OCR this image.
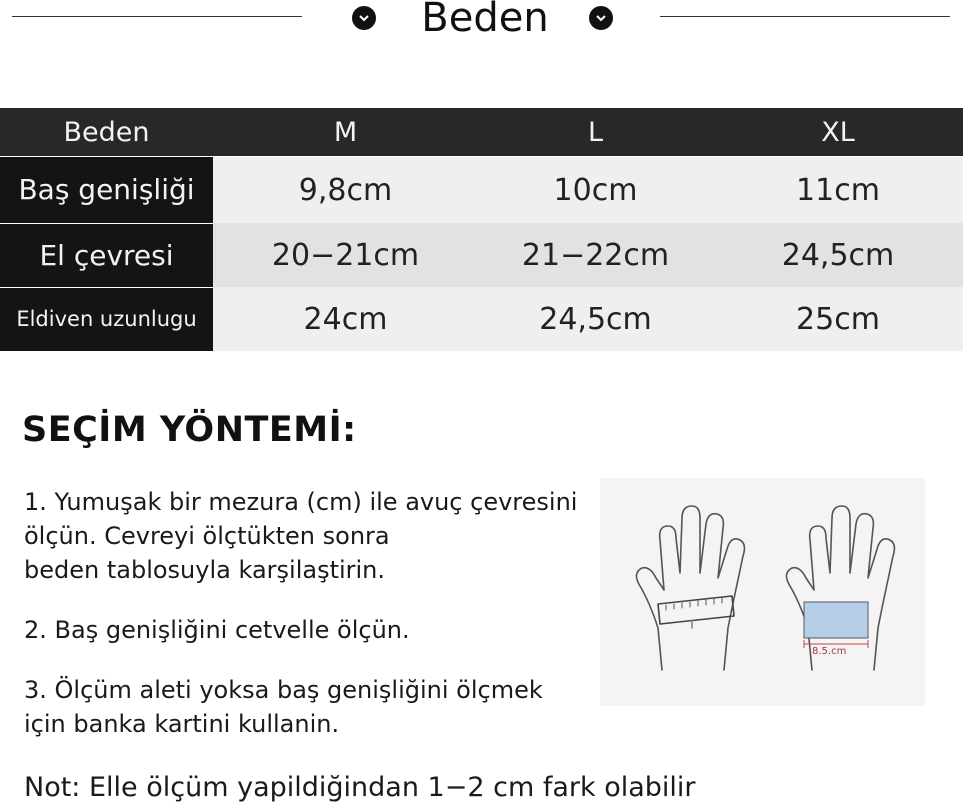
Beden
Beden	M	L	XL
Baş genişliği	9,8cm	10cm	11cm
El çevresi	20−21cm	21−22cm	24,5cm
Eldiven uzunlugu	24cm	24,5cm	25cm
SEÇİM YÖNTEMİ:
1. Yumuşak bir mezura (cm) ile avuç çevresini
ölçün. Cevreyi ölçtükten sonra
beden tablosuyla karşilaştirin.
2. Baş genişliğini cetvelle ölçün.
3. Ölçüm aleti yoksa baş genişliğini ölçmek
için banka kartini kullanin.
Not: Elle ölçüm yapildiğindan 1−2 cm fark olabilir
8.5.cm
